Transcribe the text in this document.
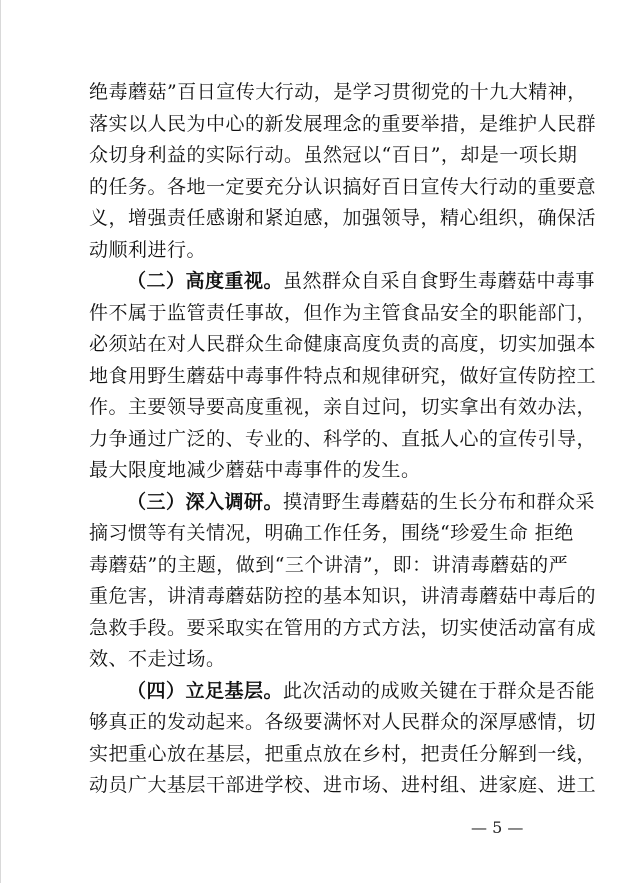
绝毒蘑菇”百日宣传大行动，是学习贯彻党的十九大精神，
落实以人民为中心的新发展理念的重要举措，是维护人民群
众切身利益的实际行动。虽然冠以“百日”，却是一项长期
的任务。各地一定要充分认识搞好百日宣传大行动的重要意
义，增强责任感谢和紧迫感，加强领导，精心组织，确保活
动顺利进行。
（二）高度重视。虽然群众自采自食野生毒蘑菇中毒事
件不属于监管责任事故，但作为主管食品安全的职能部门，
必须站在对人民群众生命健康高度负责的高度，切实加强本
地食用野生蘑菇中毒事件特点和规律研究，做好宣传防控工
作。主要领导要高度重视，亲自过问，切实拿出有效办法，
力争通过广泛的、专业的、科学的、直抵人心的宣传引导，
最大限度地减少蘑菇中毒事件的发生。
（三）深入调研。摸清野生毒蘑菇的生长分布和群众采
摘习惯等有关情况，明确工作任务，围绕“珍爱生命 拒绝
毒蘑菇”的主题，做到“三个讲清”，即：讲清毒蘑菇的严
重危害，讲清毒蘑菇防控的基本知识，讲清毒蘑菇中毒后的
急救手段。要采取实在管用的方式方法，切实使活动富有成
效、不走过场。
（四）立足基层。此次活动的成败关键在于群众是否能
够真正的发动起来。各级要满怀对人民群众的深厚感情，切
实把重心放在基层，把重点放在乡村，把责任分解到一线，
动员广大基层干部进学校、进市场、进村组、进家庭、进工
— 5 —
